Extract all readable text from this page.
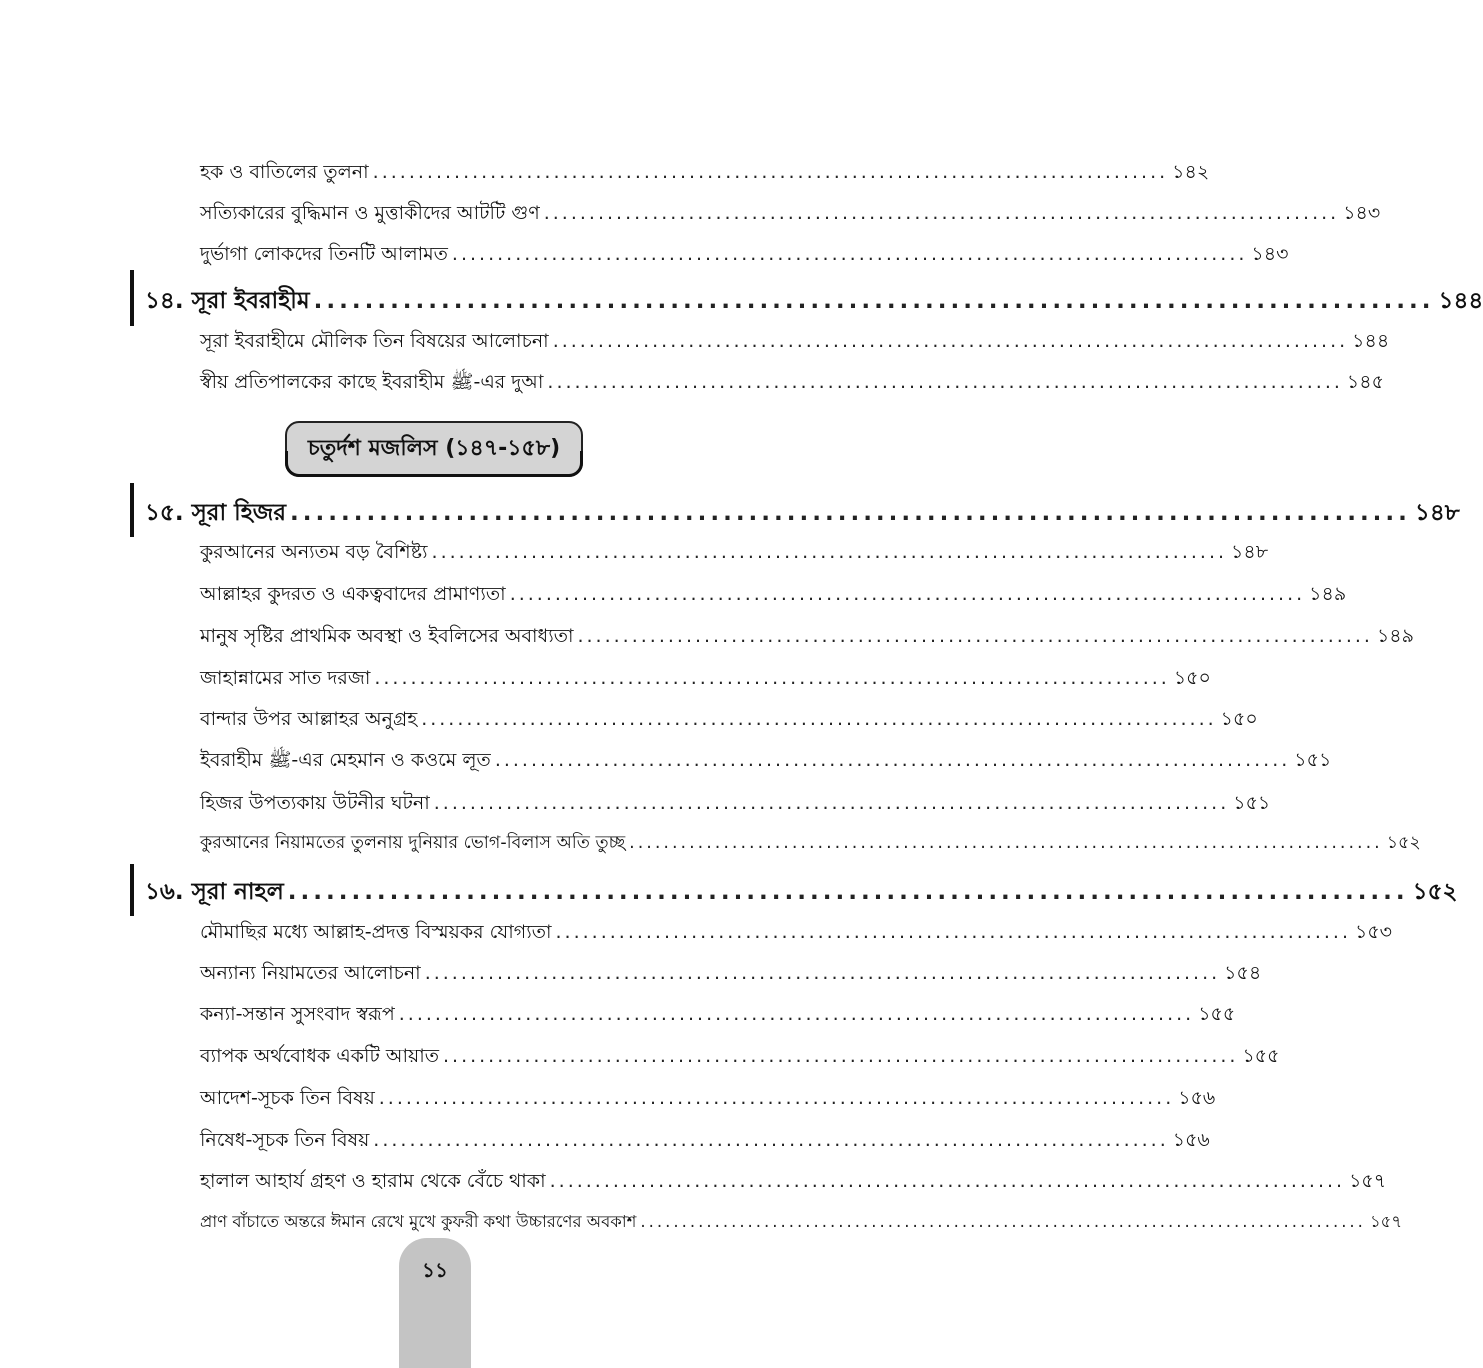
হক ও বাতিলের তুলনা ........................................................................................ ১৪২
সত্যিকারের বুদ্ধিমান ও মুত্তাকীদের আটটি গুণ ........................................................................................ ১৪৩
দুর্ভাগা লোকদের তিনটি আলামত ........................................................................................ ১৪৩
১৪. সূরা ইবরাহীম ........................................................................................ ১৪৪
সূরা ইবরাহীমে মৌলিক তিন বিষয়ের আলোচনা ........................................................................................ ১৪৪
স্বীয় প্রতিপালকের কাছে ইবরাহীম ﷺ-এর দুআ ........................................................................................ ১৪৫
চতুর্দশ মজলিস (১৪৭-১৫৮)
১৫. সূরা হিজর ........................................................................................ ১৪৮
কুরআনের অন্যতম বড় বৈশিষ্ট্য ........................................................................................ ১৪৮
আল্লাহর কুদরত ও একত্ববাদের প্রামাণ্যতা ........................................................................................ ১৪৯
মানুষ সৃষ্টির প্রাথমিক অবস্থা ও ইবলিসের অবাধ্যতা ........................................................................................ ১৪৯
জাহান্নামের সাত দরজা ........................................................................................ ১৫০
বান্দার উপর আল্লাহর অনুগ্রহ ........................................................................................ ১৫০
ইবরাহীম ﷺ-এর মেহমান ও কওমে লূত ........................................................................................ ১৫১
হিজর উপত্যকায় উটনীর ঘটনা ........................................................................................ ১৫১
কুরআনের নিয়ামতের তুলনায় দুনিয়ার ভোগ-বিলাস অতি তুচ্ছ ........................................................................................ ১৫২
১৬. সূরা নাহল ........................................................................................ ১৫২
মৌমাছির মধ্যে আল্লাহ-প্রদত্ত বিস্ময়কর যোগ্যতা ........................................................................................ ১৫৩
অন্যান্য নিয়ামতের আলোচনা ........................................................................................ ১৫৪
কন্যা-সন্তান সুসংবাদ স্বরূপ ........................................................................................ ১৫৫
ব্যাপক অর্থবোধক একটি আয়াত ........................................................................................ ১৫৫
আদেশ-সূচক তিন বিষয় ........................................................................................ ১৫৬
নিষেধ-সূচক তিন বিষয় ........................................................................................ ১৫৬
হালাল আহার্য গ্রহণ ও হারাম থেকে বেঁচে থাকা ........................................................................................ ১৫৭
প্রাণ বাঁচাতে অন্তরে ঈমান রেখে মুখে কুফরী কথা উচ্চারণের অবকাশ ........................................................................................ ১৫৭
১১
